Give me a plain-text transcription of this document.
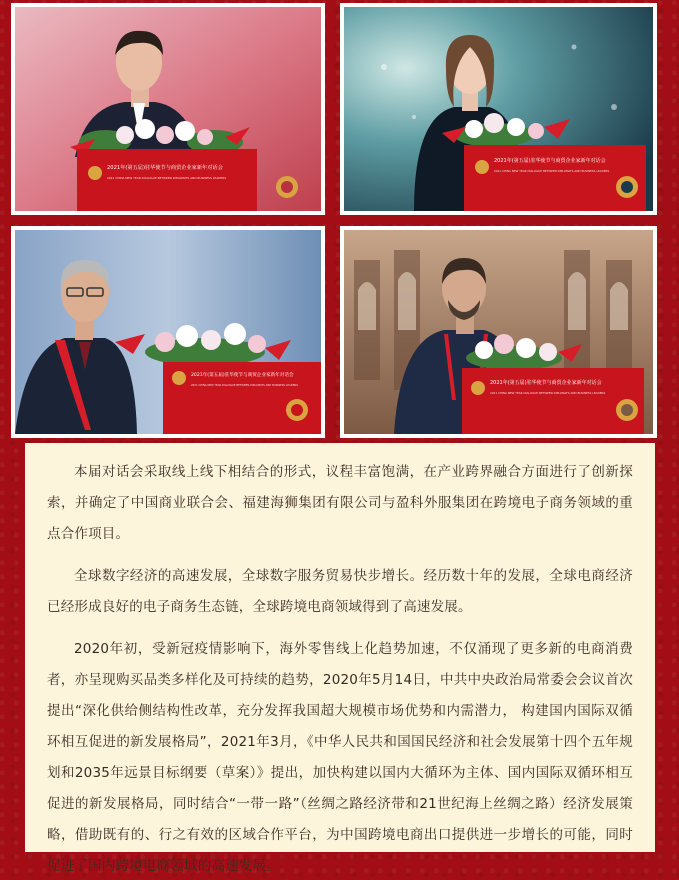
2021年(第五届)驻华使节与商贸企业家新年对话会
2021 CHINA NEW YEAR DIALOGUE BETWEEN DIPLOMATS AND BUSINESS LEADERS
2021年(第五届)驻华使节与商贸企业家新年对话会
2021 CHINA NEW YEAR DIALOGUE BETWEEN DIPLOMATS AND BUSINESS LEADERS
2021年(第五届)驻华使节与商贸企业家新年对话会
2021 CHINA NEW YEAR DIALOGUE BETWEEN DIPLOMATS AND BUSINESS LEADERS	2021年(第五届)驻华使节与商贸企业家新年对话会
2021 CHINA NEW YEAR DIALOGUE BETWEEN DIPLOMATS AND BUSINESS LEADERS

本届对话会采取线上线下相结合的形式，议程丰富饱满，在产业跨界融合方面进行了创新探索，并确定了中国商业联合会、福建海狮集团有限公司与盈科外服集团在跨境电子商务领域的重点合作项目。

全球数字经济的高速发展，全球数字服务贸易快步增长。经历数十年的发展，全球电商经济已经形成良好的电子商务生态链，全球跨境电商领域得到了高速发展。

2020年初，受新冠疫情影响下，海外零售线上化趋势加速，不仅涌现了更多新的电商消费者，亦呈现购买品类多样化及可持续的趋势，2020年5月14日，中共中央政治局常委会会议首次提出“深化供给侧结构性改革，充分发挥我国超大规模市场优势和内需潜力， 构建国内国际双循环相互促进的新发展格局”，2021年3月，《中华人民共和国国民经济和社会发展第十四个五年规划和2035年远景目标纲要（草案）》提出，加快构建以国内大循环为主体、国内国际双循环相互促进的新发展格局，同时结合“一带一路”（丝绸之路经济带和21世纪海上丝绸之路）经济发展策略，借助既有的、行之有效的区域合作平台，为中国跨境电商出口提供进一步增长的可能，同时促进了国内跨境电商领域的高速发展。
